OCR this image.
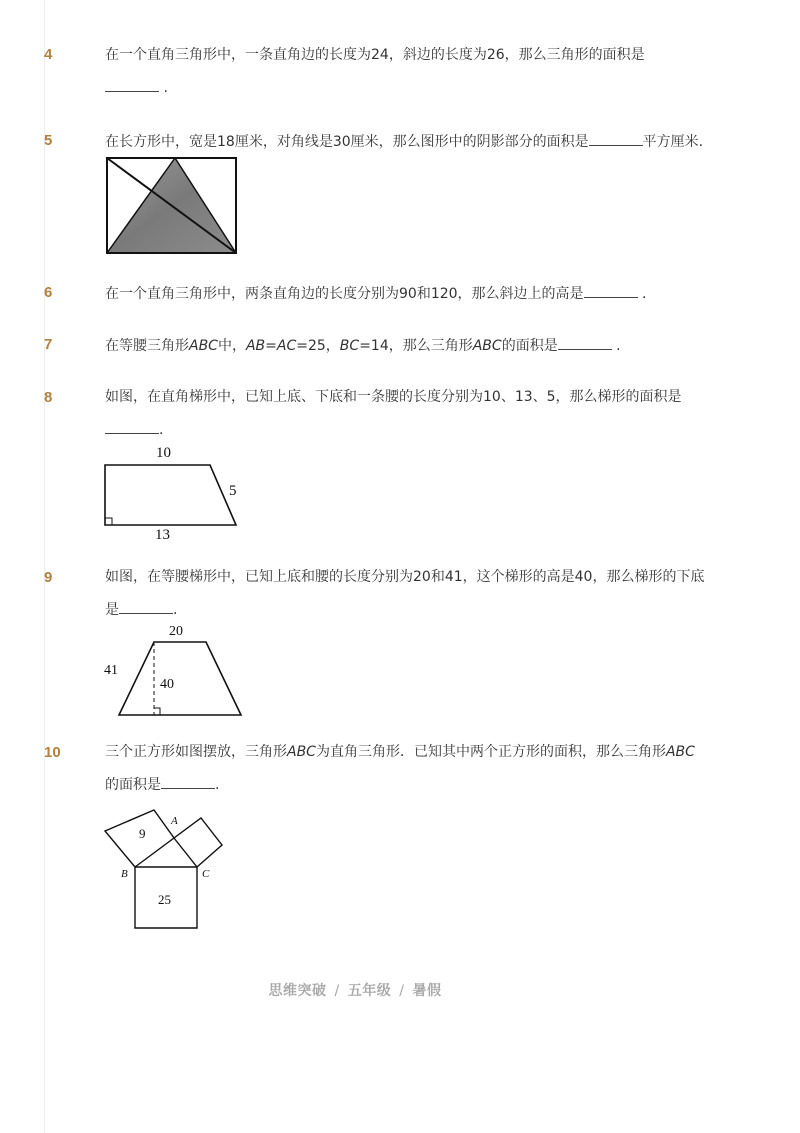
4	在一个直角三角形中，一条直角边的长度为24，斜边的长度为26，那么三角形的面积是
.
5	在长方形中，宽是18厘米，对角线是30厘米，那么图形中的阴影部分的面积是	平方厘米.
6	在一个直角三角形中，两条直角边的长度分别为90和120，那么斜边上的高是	.
7	在等腰三角形ABC中，AB=AC=25，BC=14，那么三角形ABC的面积是	.
8	如图，在直角梯形中，已知上底、下底和一条腰的长度分别为10、13、5，那么梯形的面积是
.
10
5
13
9	如图，在等腰梯形中，已知上底和腰的长度分别为20和41，这个梯形的高是40，那么梯形的下底
是	.
20
41
40
10	三个正方形如图摆放，三角形ABC为直角三角形．已知其中两个正方形的面积，那么三角形ABC
的面积是	.
9
25
A
B	C
思维突破 / 五年级 / 暑假
